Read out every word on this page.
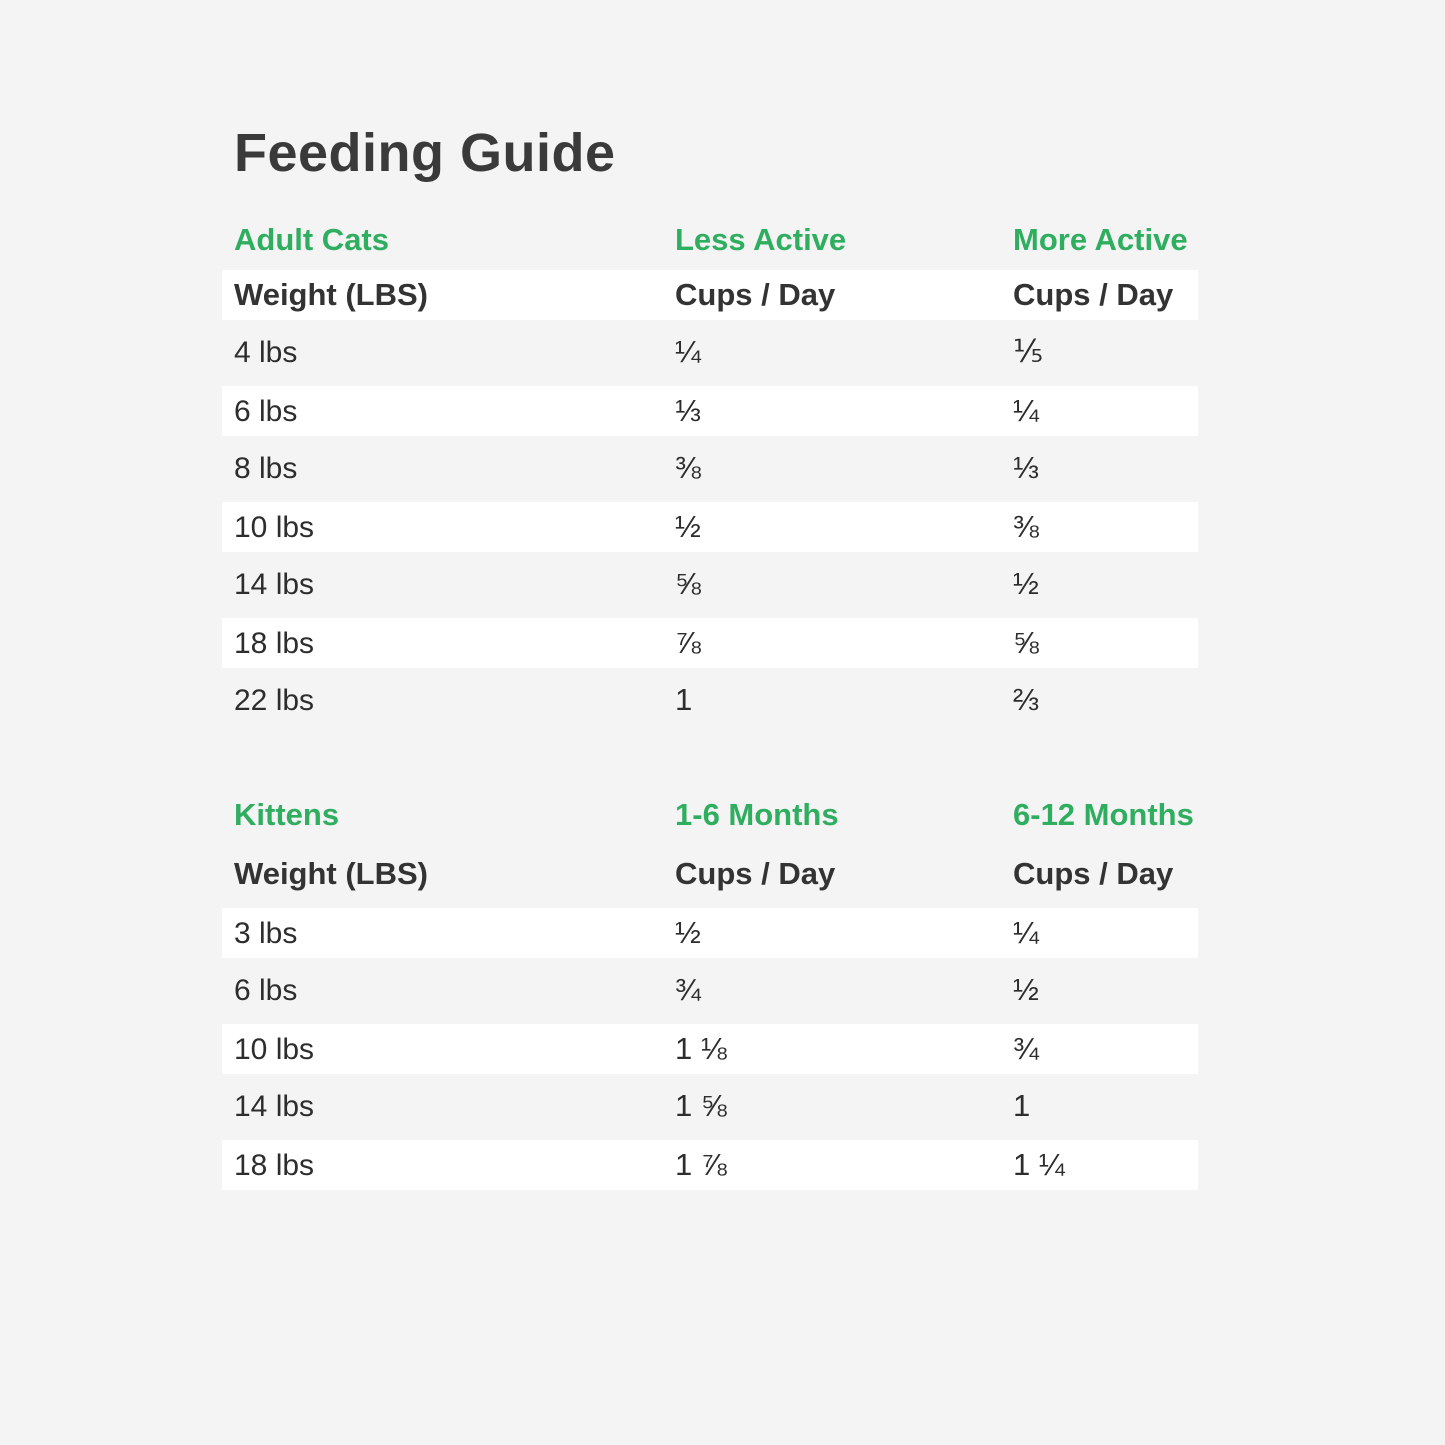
Feeding Guide
Adult Cats	Less Active	More Active
Weight (LBS)	Cups / Day	Cups / Day
4 lbs	¼	⅕
6 lbs	⅓	¼
8 lbs	⅜	⅓
10 lbs	½	⅜
14 lbs	⅝	½
18 lbs	⅞	⅝
22 lbs	1	⅔
Kittens	1-6 Months	6-12 Months
Weight (LBS)	Cups / Day	Cups / Day
3 lbs	½	¼
6 lbs	¾	½
10 lbs	1 ⅛	¾
14 lbs	1 ⅝	1
18 lbs	1 ⅞	1 ¼
